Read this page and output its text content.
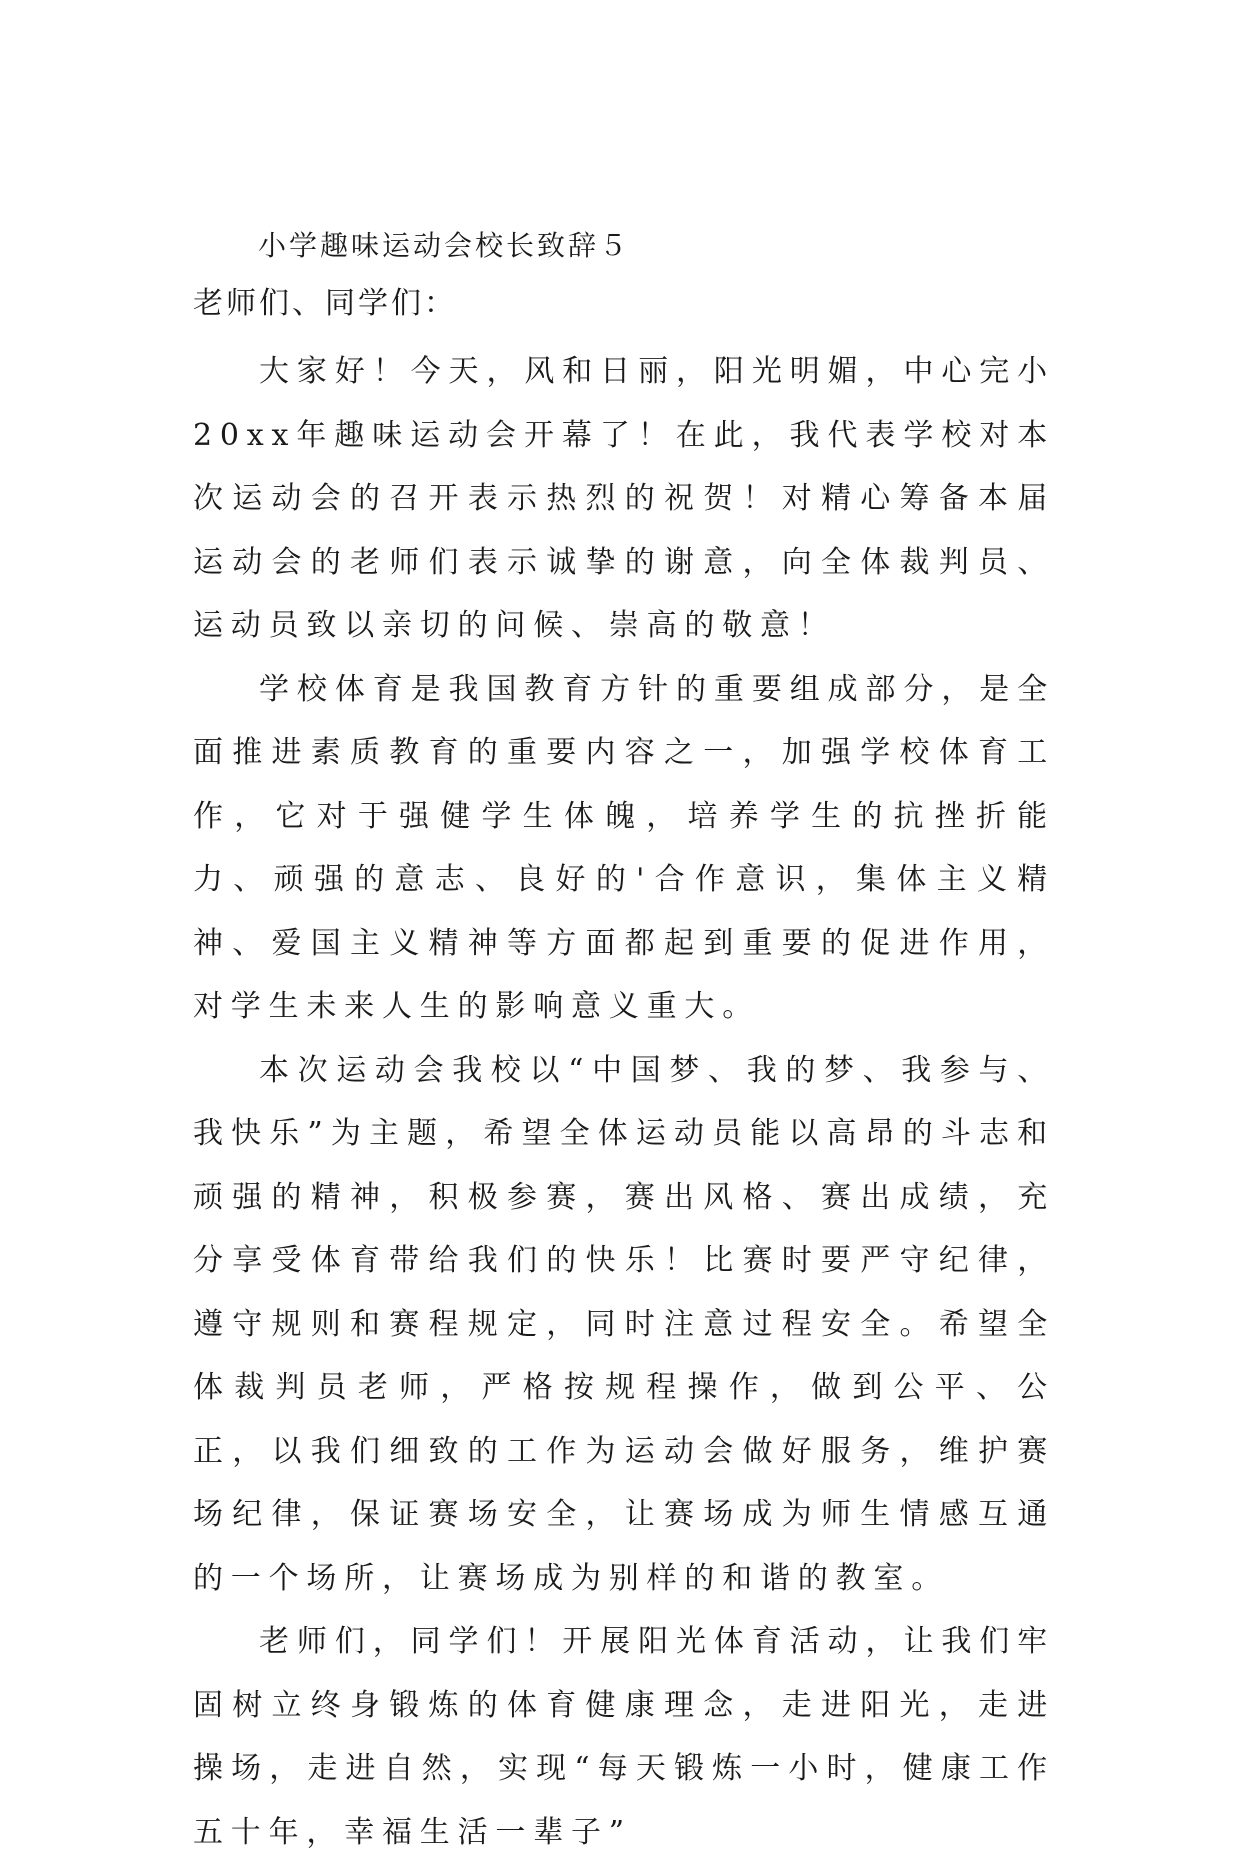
小学趣味运动会校长致辞５
老师们、同学们：

大家好！今天，风和日丽，阳光明媚，中心完小20xx年趣味运动会开幕了！在此，我代表学校对本次运动会的召开表示热烈的祝贺！对精心筹备本届运动会的老师们表示诚挚的谢意，向全体裁判员、运动员致以亲切的问候、崇高的敬意！

学校体育是我国教育方针的重要组成部分，是全面推进素质教育的重要内容之一，加强学校体育工作，它对于强健学生体魄，培养学生的抗挫折能力、顽强的意志、良好的'合作意识，集体主义精神、爱国主义精神等方面都起到重要的促进作用，对学生未来人生的影响意义重大。

本次运动会我校以“中国梦、我的梦、我参与、我快乐”为主题，希望全体运动员能以高昂的斗志和顽强的精神，积极参赛，赛出风格、赛出成绩，充分享受体育带给我们的快乐！比赛时要严守纪律，遵守规则和赛程规定，同时注意过程安全。希望全体裁判员老师，严格按规程操作，做到公平、公正，以我们细致的工作为运动会做好服务，维护赛场纪律，保证赛场安全，让赛场成为师生情感互通的一个场所，让赛场成为别样的和谐的教室。

老师们，同学们！开展阳光体育活动，让我们牢固树立终身锻炼的体育健康理念，走进阳光，走进操场，走进自然，实现“每天锻炼一小时，健康工作五十年，幸福生活一辈子”
